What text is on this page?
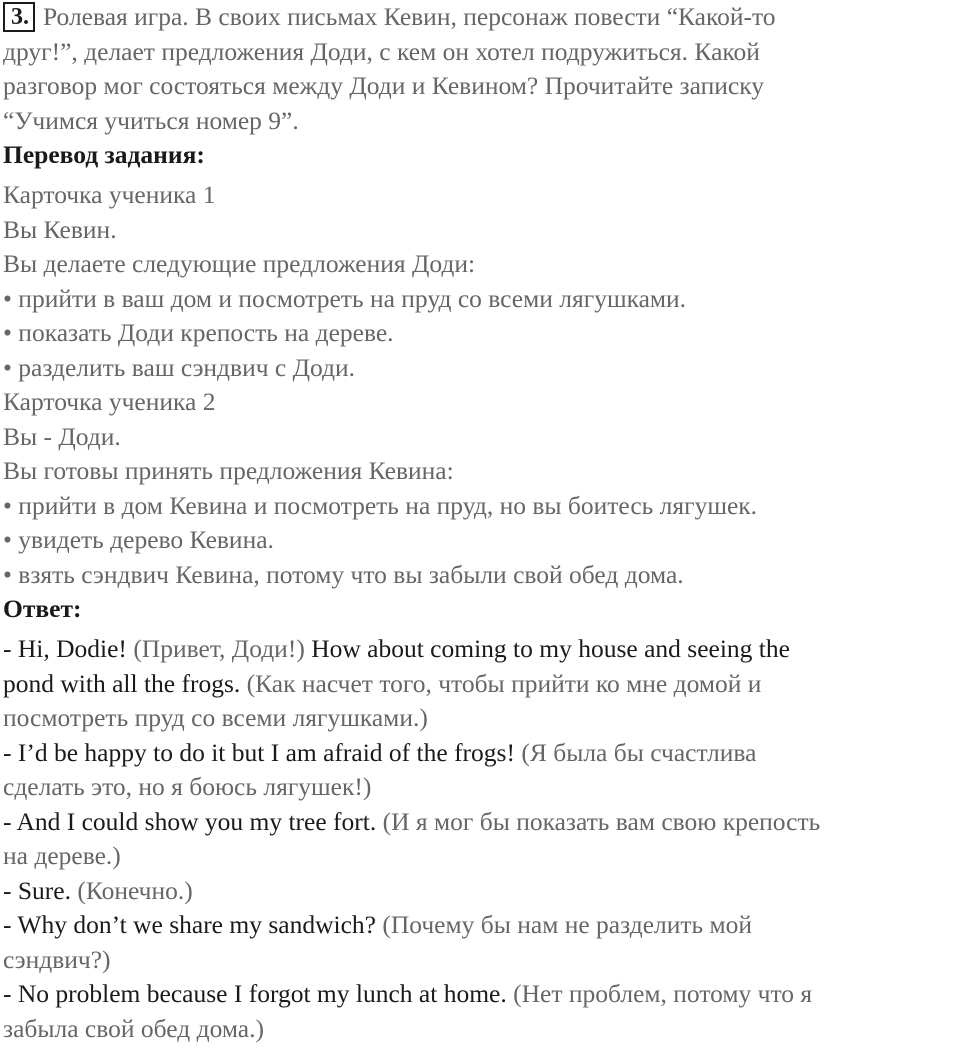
3. Ролевая игра. В своих письмах Кевин, персонаж повести “Какой-то
друг!”, делает предложения Доди, с кем он хотел подружиться. Какой
разговор мог состояться между Доди и Кевином? Прочитайте записку
“Учимся учиться номер 9”.
Перевод задания:
Карточка ученика 1
Вы Кевин.
Вы делаете следующие предложения Доди:
• прийти в ваш дом и посмотреть на пруд со всеми лягушками.
• показать Доди крепость на дереве.
• разделить ваш сэндвич с Доди.
Карточка ученика 2
Вы - Доди.
Вы готовы принять предложения Кевина:
• прийти в дом Кевина и посмотреть на пруд, но вы боитесь лягушек.
• увидеть дерево Кевина.
• взять сэндвич Кевина, потому что вы забыли свой обед дома.
Ответ:
- Hi, Dodie! (Привет, Доди!) How about coming to my house and seeing the
pond with all the frogs. (Как насчет того, чтобы прийти ко мне домой и
посмотреть пруд со всеми лягушками.)
- I’d be happy to do it but I am afraid of the frogs! (Я была бы счастлива
сделать это, но я боюсь лягушек!)
- And I could show you my tree fort. (И я мог бы показать вам свою крепость
на дереве.)
- Sure. (Конечно.)
- Why don’t we share my sandwich? (Почему бы нам не разделить мой
сэндвич?)
- No problem because I forgot my lunch at home. (Нет проблем, потому что я
забыла свой обед дома.)
